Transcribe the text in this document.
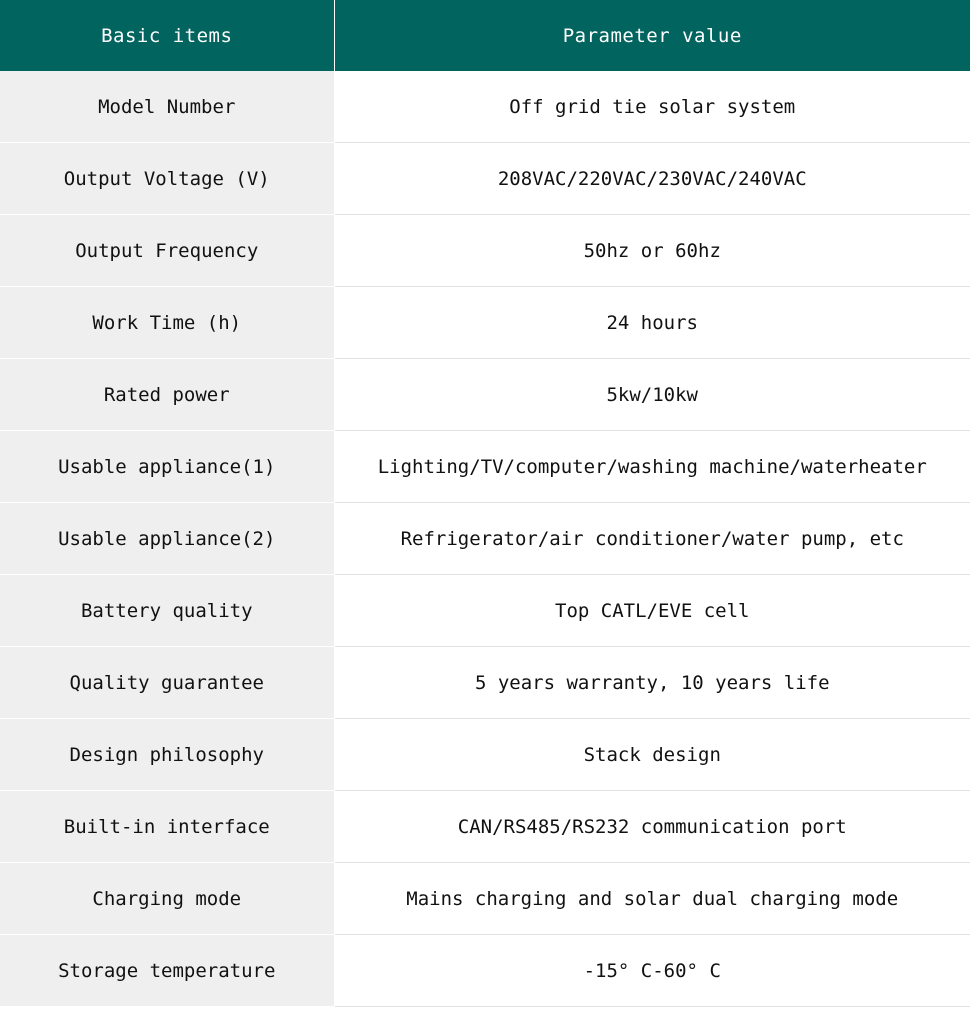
Basic items	Parameter value
Model Number	Off grid tie solar system
Output Voltage (V)	208VAC/220VAC/230VAC/240VAC
Output Frequency	50hz or 60hz
Work Time (h)	24 hours
Rated power	5kw/10kw
Usable appliance(1)	Lighting/TV/computer/washing machine/waterheater
Usable appliance(2)	Refrigerator/air conditioner/water pump, etc
Battery quality	Top CATL/EVE cell
Quality guarantee	5 years warranty, 10 years life
Design philosophy	Stack design
Built-in interface	CAN/RS485/RS232 communication port
Charging mode	Mains charging and solar dual charging mode
Storage temperature	-15° C-60° C
